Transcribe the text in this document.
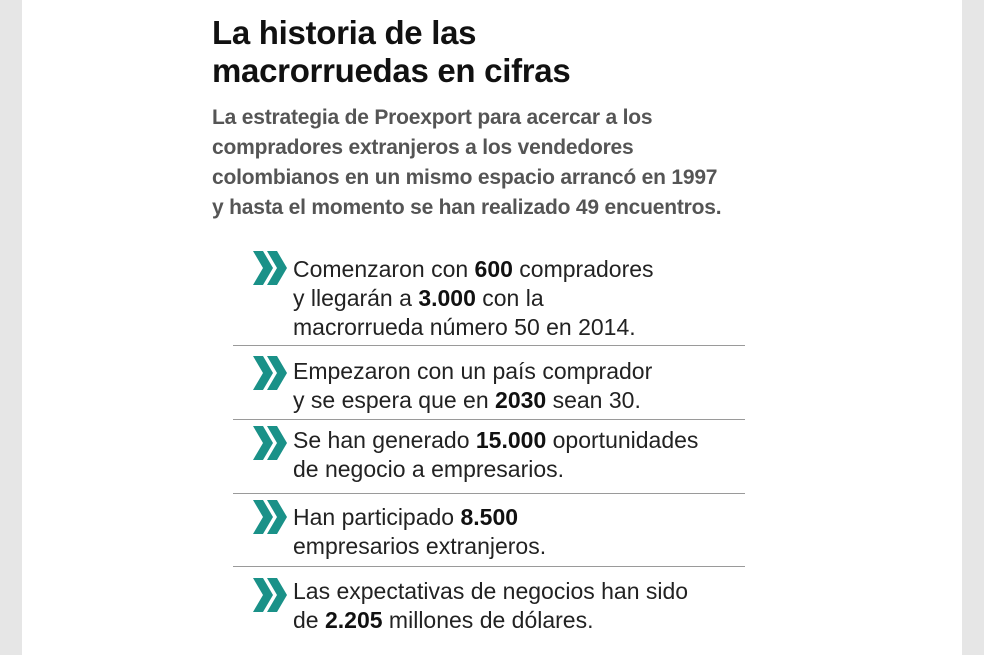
La historia de las
macrorruedas en cifras

La estrategia de Proexport para acercar a los
compradores extranjeros a los vendedores
colombianos en un mismo espacio arrancó en 1997
y hasta el momento se han realizado 49 encuentros.

Comenzaron con 600 compradores
y llegarán a 3.000 con la
macrorrueda número 50 en 2014.
Empezaron con un país comprador
y se espera que en 2030 sean 30.
Se han generado 15.000 oportunidades
de negocio a empresarios.
Han participado 8.500
empresarios extranjeros.
Las expectativas de negocios han sido
de 2.205 millones de dólares.
